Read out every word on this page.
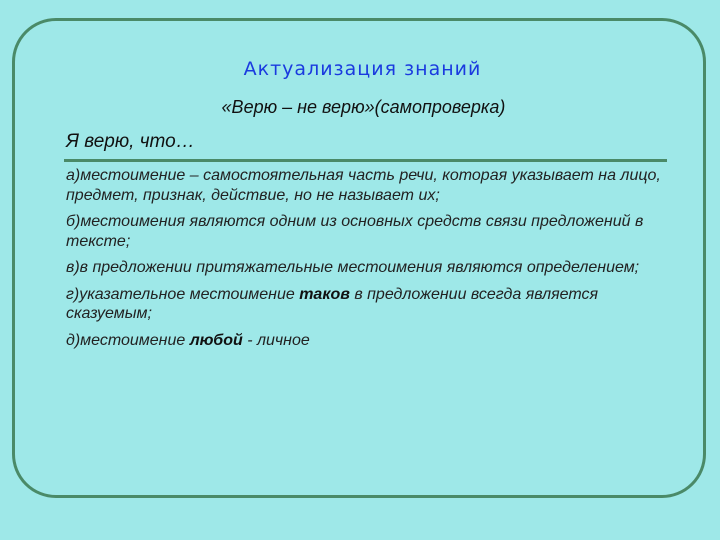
Актуализация знаний
«Верю – не верю»(самопроверка)
Я верю, что…
а)местоимение – самостоятельная часть речи, которая указывает на лицо, предмет, признак, действие, но не называет их;
б)местоимения являются одним из основных средств связи предложений в тексте;
в)в предложении притяжательные местоимения являются определением;
г)указательное местоимение таков в предложении всегда является сказуемым;
д)местоимение любой - личное
